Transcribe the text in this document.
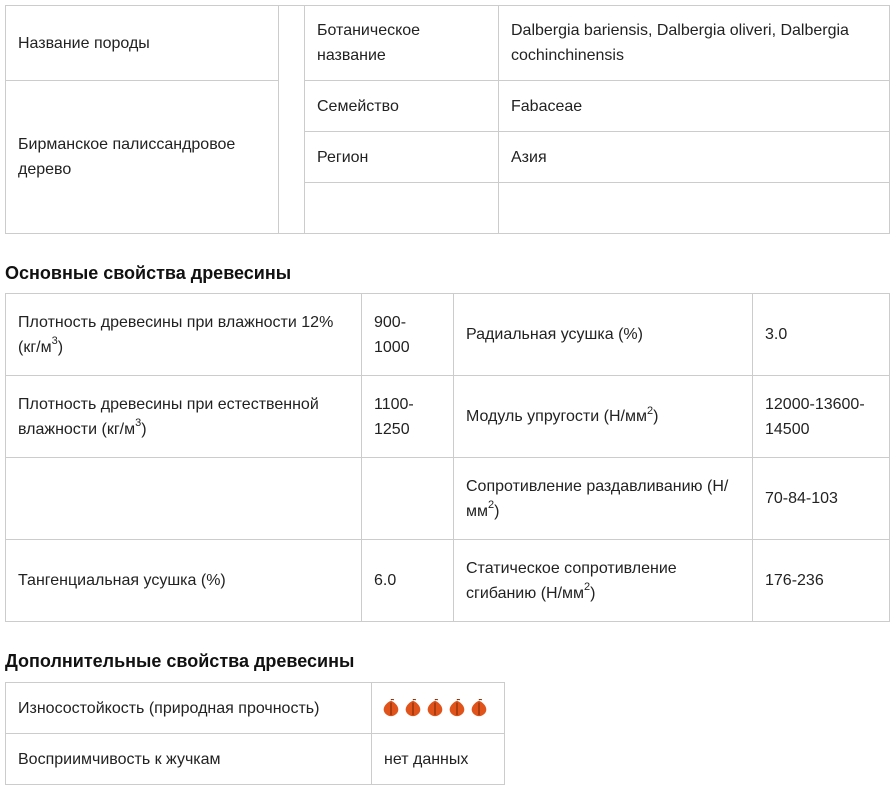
Название породы		Ботаническое название	Dalbergia bariensis, Dalbergia oliveri, Dalbergia cochinchinensis
Бирманское палиссандровое дерево		Семейство	Fabaceae
		Регион	Азия

Основные свойства древесины
Плотность древесины при влажности 12% $(кг/м^3)$	900-1000	Радиальная усушка (%)	3.0
Плотность древесины при естественной влажности $(кг/м^3)$	1100-1250	Модуль упругости $(Н/мм^2)$	12000-13600-14500
		Сопротивление раздавливанию $(Н/мм^2)$	70-84-103
Тангенциальная усушка (%)	6.0	Статическое сопротивление сгибанию $(Н/мм^2)$	176-236
Дополнительные свойства древесины
Износостойкость (природная прочность)	
Восприимчивость к жучкам	нет данных
